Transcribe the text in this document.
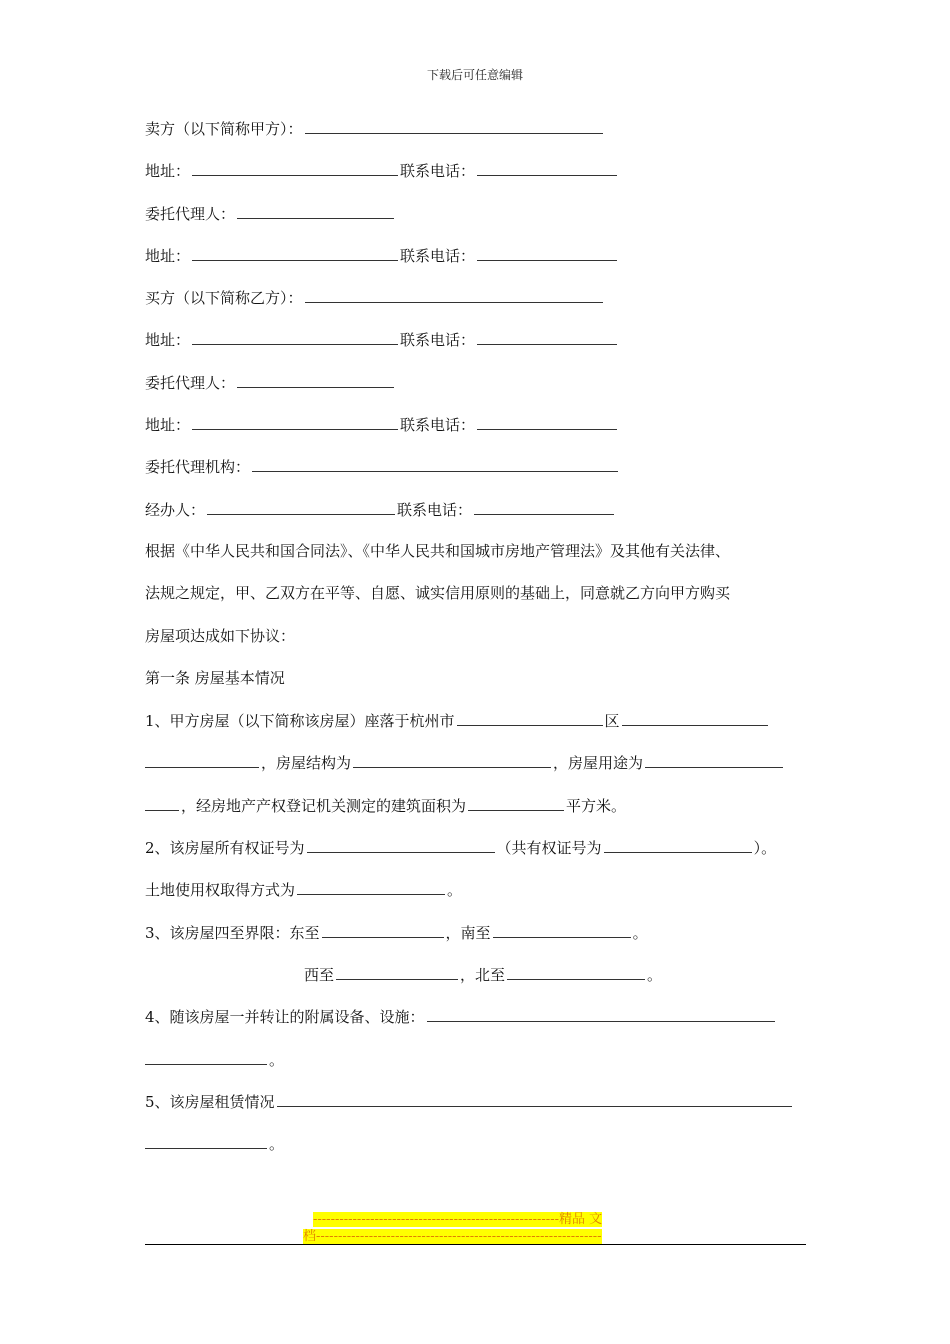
下载后可任意编辑
卖方（以下简称甲方）：
地址：	联系电话：
委托代理人：
地址：	联系电话：
买方（以下简称乙方）：
地址：	联系电话：
委托代理人：
地址：	联系电话：
委托代理机构：
经办人：	联系电话：
根据《中华人民共和国合同法》、《中华人民共和国城市房地产管理法》及其他有关法律、
法规之规定，甲、乙双方在平等、自愿、诚实信用原则的基础上，同意就乙方向甲方购买
房屋项达成如下协议：
第一条 房屋基本情况
1、甲方房屋（以下简称该房屋）座落于杭州市	区
，房屋结构为	，房屋用途为
，经房地产产权登记机关测定的建筑面积为	平方米。
2、该房屋所有权证号为	（共有权证号为	）。
土地使用权取得方式为	。
3、该房屋四至界限：东至	，南至	。
西至	，北至	。
4、随该房屋一并转让的附属设备、设施：
。
5、该房屋租赁情况
。
--------------------------------------------------------精品 文
档-----------------------------------------------------------------
